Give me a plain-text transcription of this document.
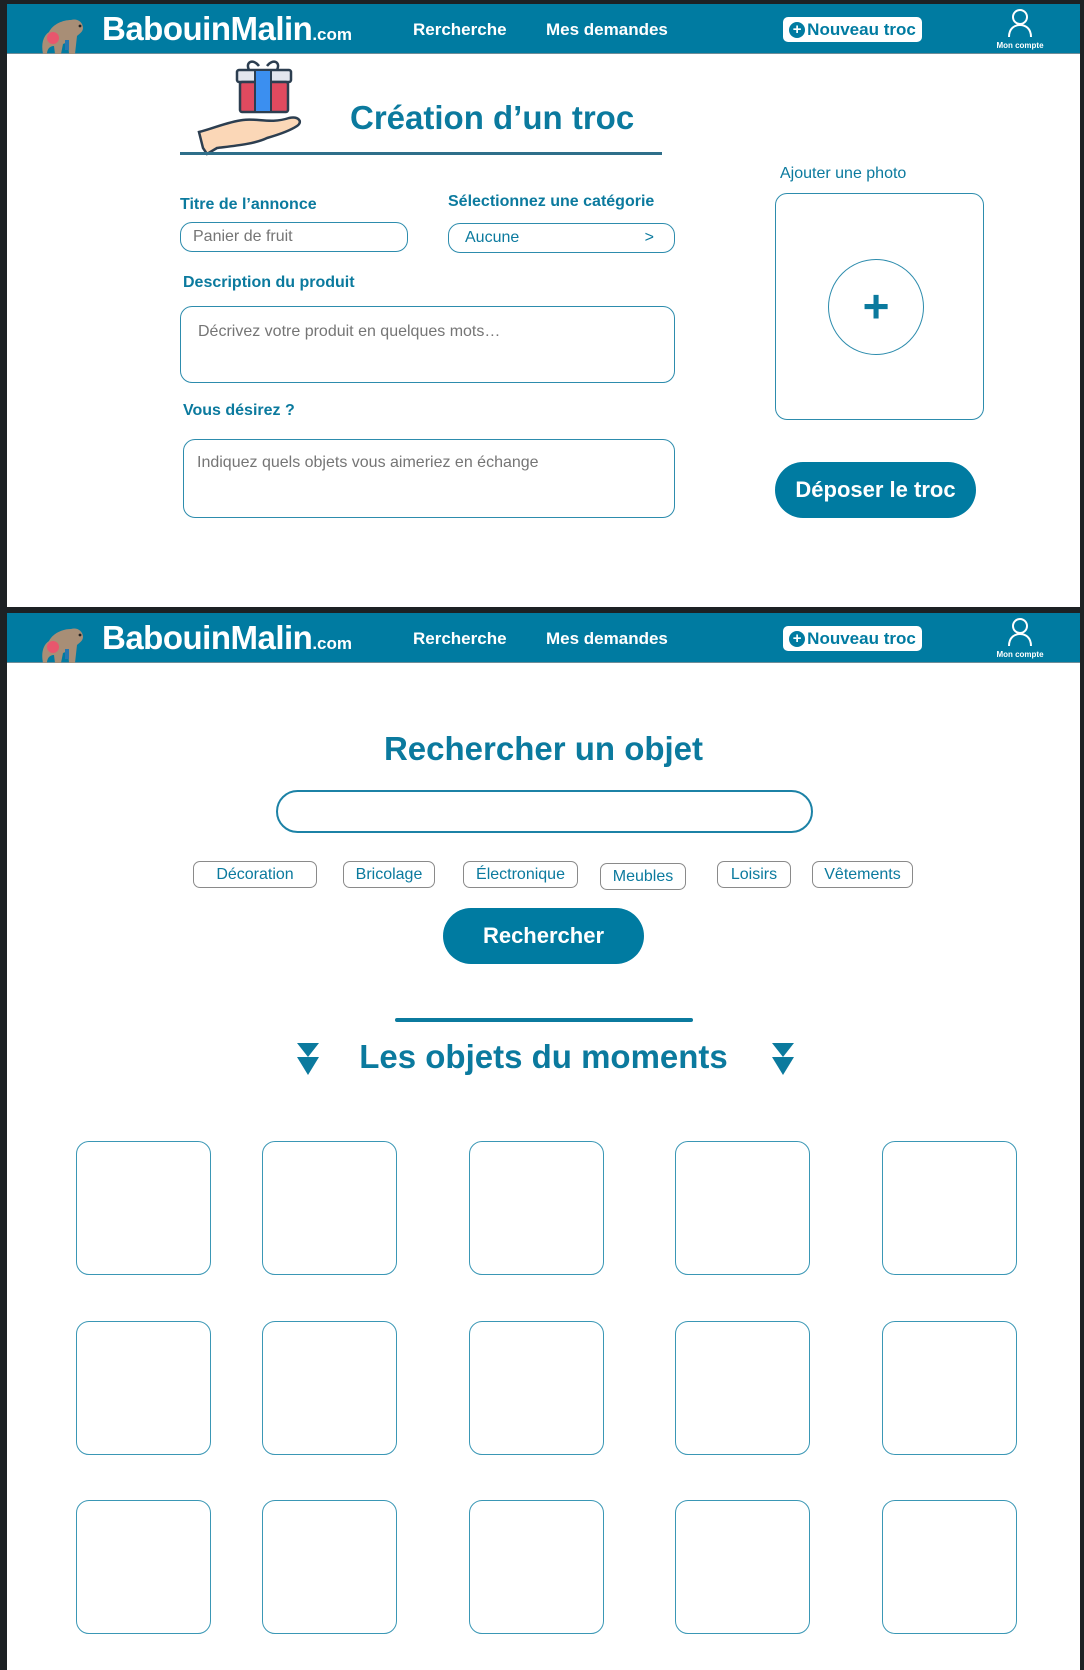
BabouinMalin.com	Rercherche Mes demandes	+ Nouveau troc
Mon compte
Création d’un troc
Titre de l’annonce
Panier de fruit	Sélectionnez une catégorie
Aucune	>
Description du produit
Décrivez votre produit en quelques mots…
Vous désirez ?
Indiquez quels objets vous aimeriez en échange
Ajouter une photo
+
Déposer le troc
BabouinMalin.com	Rercherche Mes demandes	+ Nouveau troc
Mon compte
Rechercher un objet
Décoration	Bricolage	Électronique	Meubles	Loisirs	Vêtements
Rechercher
Les objets du moments
